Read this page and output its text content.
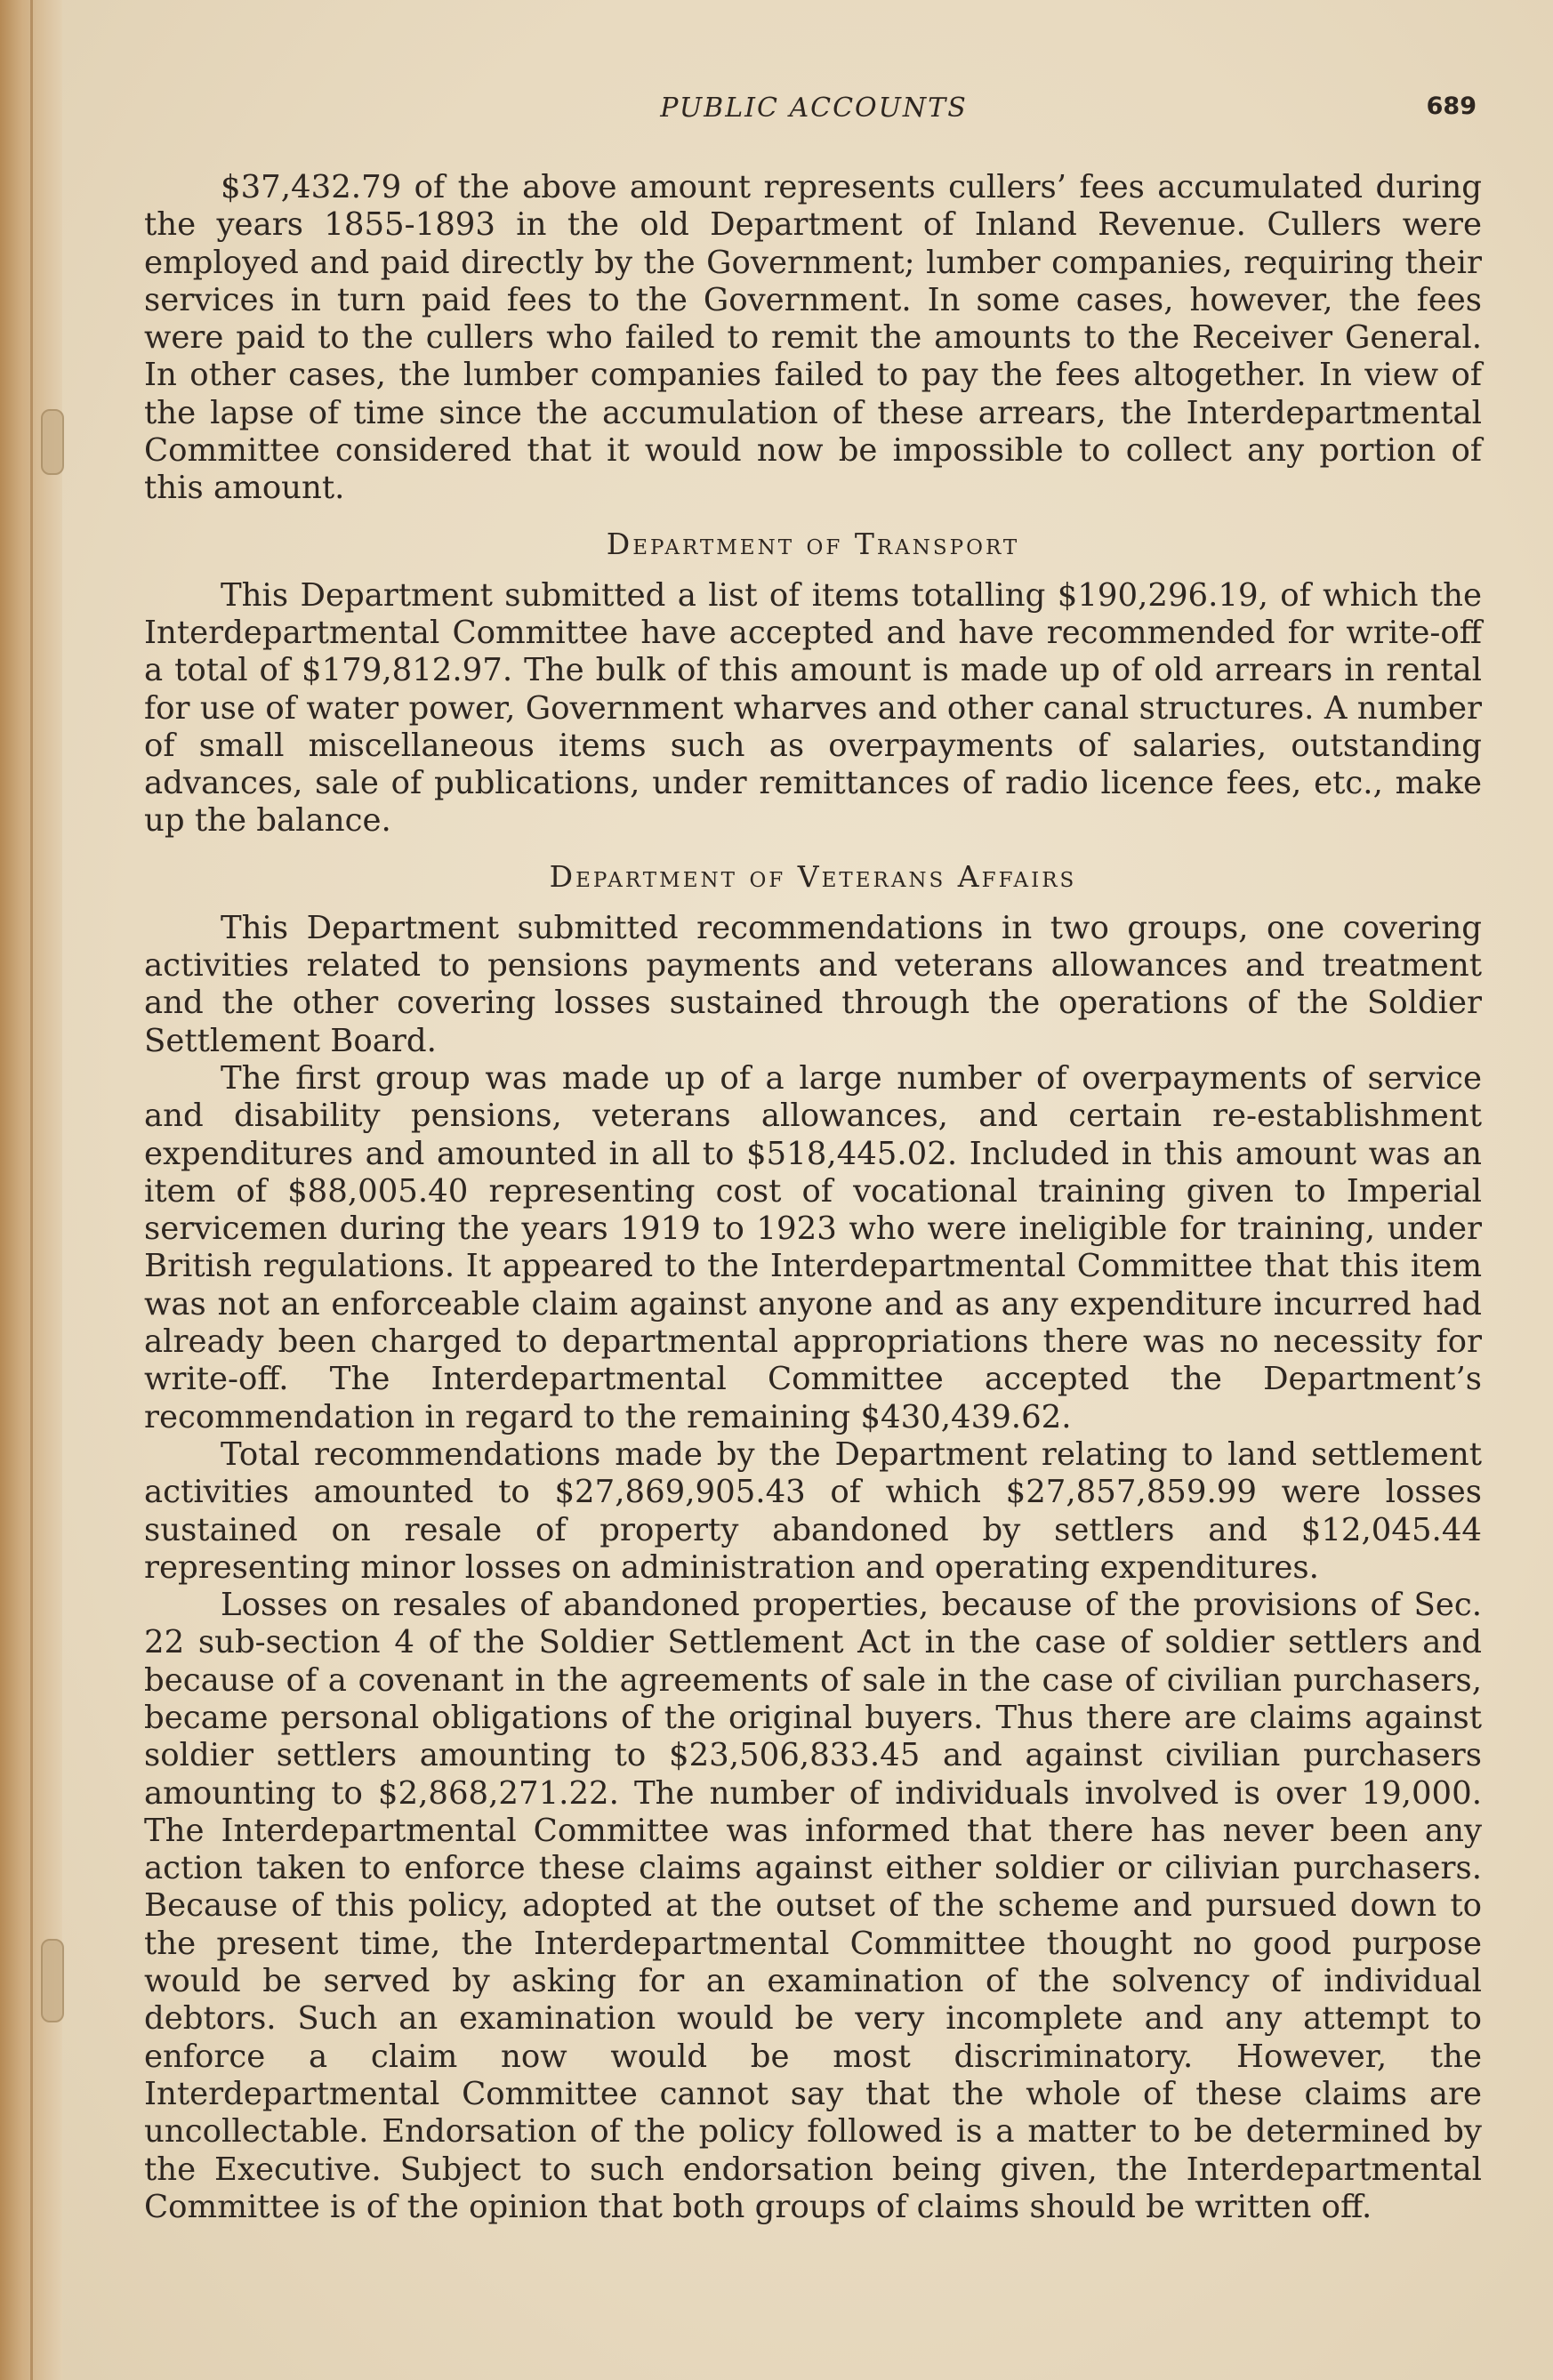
PUBLIC ACCOUNTS	689

$37,432.79 of the above amount represents cullers’ fees accumulated during the years 1855-1893 in the old Department of Inland Revenue. Cullers were employed and paid directly by the Government; lumber companies, requiring their services in turn paid fees to the Government. In some cases, however, the fees were paid to the cullers who failed to remit the amounts to the Receiver General. In other cases, the lumber companies failed to pay the fees altogether. In view of the lapse of time since the accumulation of these arrears, the Interdepartmental Committee considered that it would now be impossible to collect any portion of this amount.

Department of Transport

This Department submitted a list of items totalling $190,296.19, of which the Interdepartmental Committee have accepted and have recommended for write-off a total of $179,812.97. The bulk of this amount is made up of old arrears in rental for use of water power, Government wharves and other canal structures. A number of small miscellaneous items such as overpayments of salaries, outstanding advances, sale of publications, under remittances of radio licence fees, etc., make up the balance.

Department of Veterans Affairs

This Department submitted recommendations in two groups, one covering activities related to pensions payments and veterans allowances and treatment and the other covering losses sustained through the operations of the Soldier Settlement Board.

The first group was made up of a large number of overpayments of service and disability pensions, veterans allowances, and certain re-establishment expenditures and amounted in all to $518,445.02. Included in this amount was an item of $88,005.40 representing cost of vocational training given to Imperial servicemen during the years 1919 to 1923 who were ineligible for training, under British regulations. It appeared to the Interdepartmental Committee that this item was not an enforceable claim against anyone and as any expenditure incurred had already been charged to departmental appropriations there was no necessity for write-off. The Interdepartmental Committee accepted the Department’s recommendation in regard to the remaining $430,439.62.

Total recommendations made by the Department relating to land settlement activities amounted to $27,869,905.43 of which $27,857,859.99 were losses sustained on resale of property abandoned by settlers and $12,045.44 representing minor losses on administration and operating expenditures.

Losses on resales of abandoned properties, because of the provisions of Sec. 22 sub-section 4 of the Soldier Settlement Act in the case of soldier settlers and because of a covenant in the agreements of sale in the case of civilian purchasers, became personal obligations of the original buyers. Thus there are claims against soldier settlers amounting to $23,506,833.45 and against civilian purchasers amounting to $2,868,271.22. The number of individuals involved is over 19,000. The Interdepartmental Committee was informed that there has never been any action taken to enforce these claims against either soldier or cilivian purchasers. Because of this policy, adopted at the outset of the scheme and pursued down to the present time, the Interdepartmental Committee thought no good purpose would be served by asking for an examination of the solvency of individual debtors. Such an examination would be very incomplete and any attempt to enforce a claim now would be most discriminatory. However, the Interdepartmental Committee cannot say that the whole of these claims are uncollectable. Endorsation of the policy followed is a matter to be determined by the Executive. Subject to such endorsation being given, the Interdepartmental Committee is of the opinion that both groups of claims should be written off.
